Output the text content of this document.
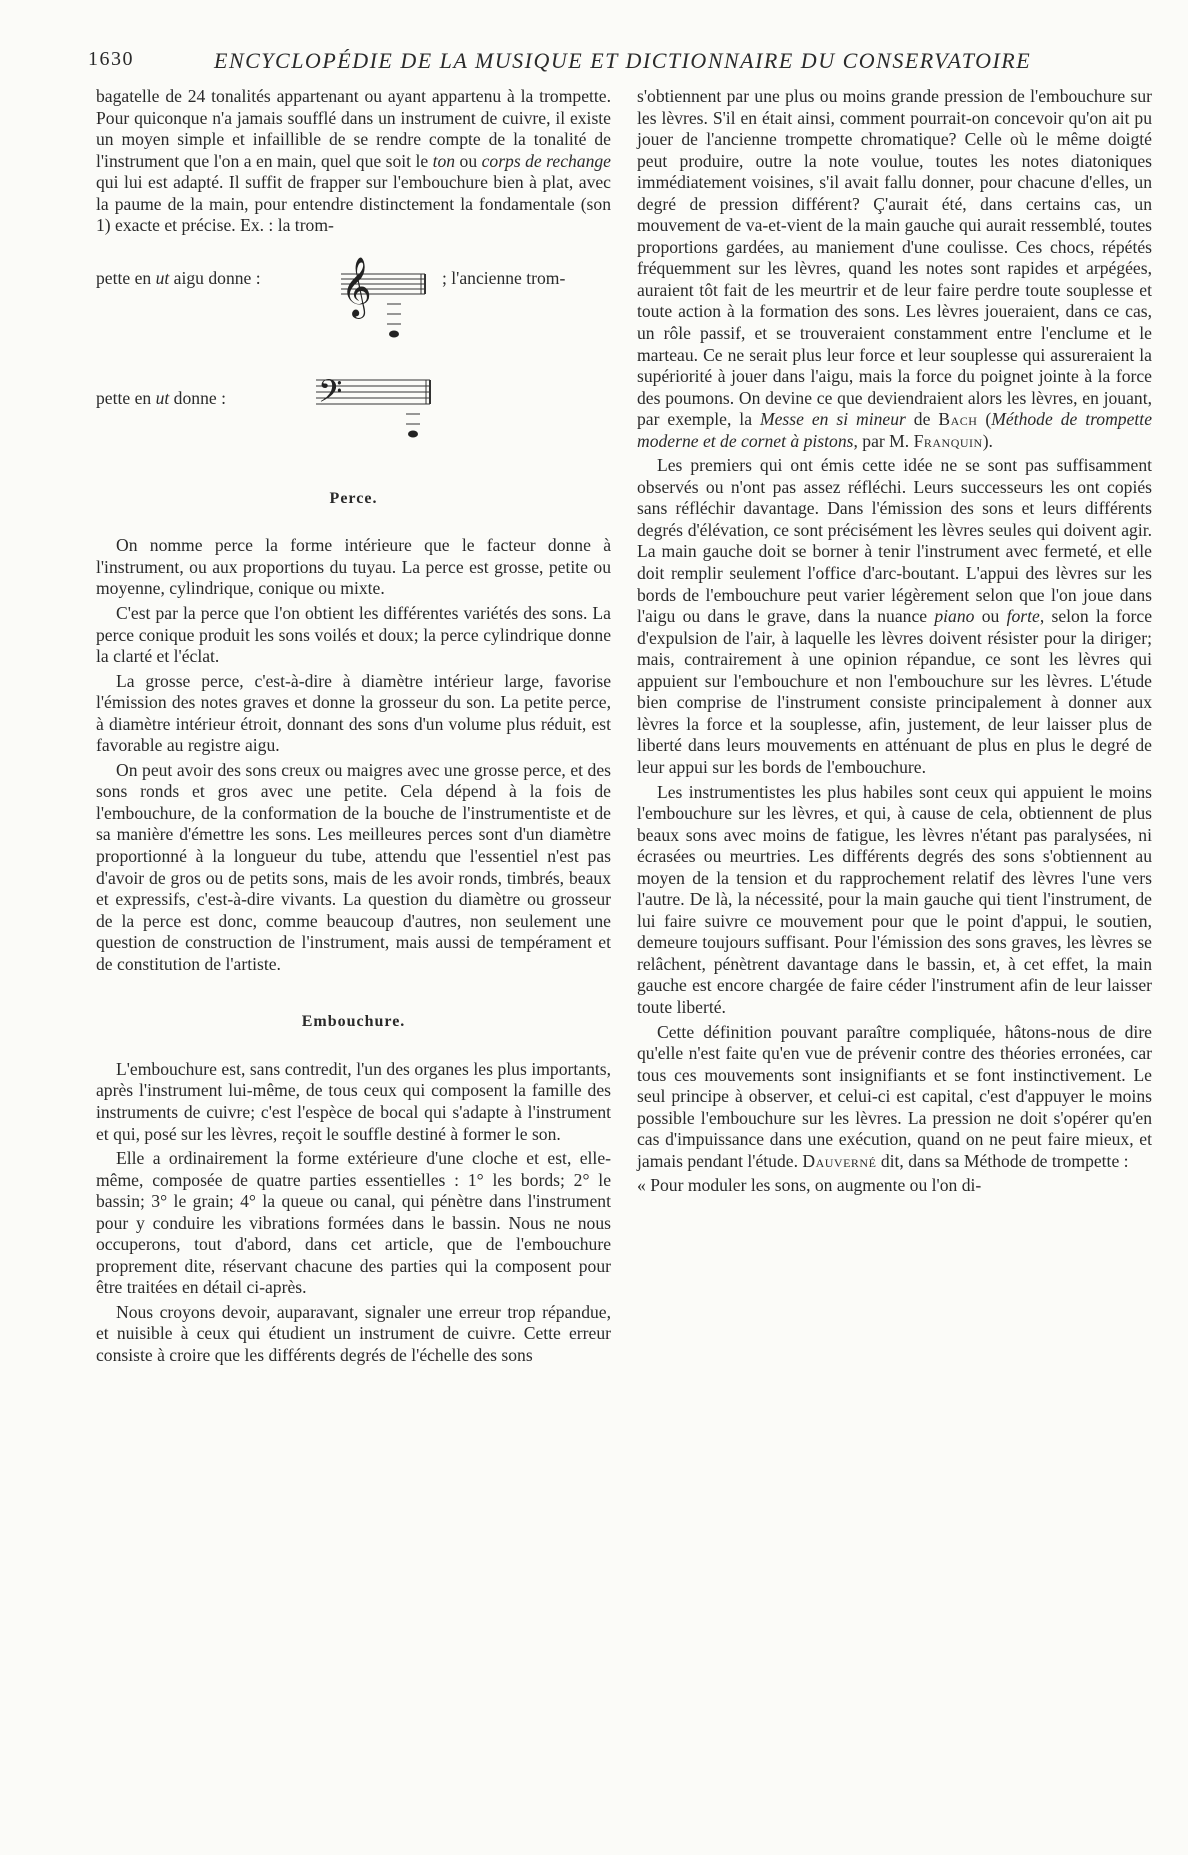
1630	ENCYCLOPÉDIE DE LA MUSIQUE ET DICTIONNAIRE DU CONSERVATOIRE

bagatelle de 24 tonalités appartenant ou ayant appartenu à la trompette. Pour quiconque n'a jamais soufflé dans un instrument de cuivre, il existe un moyen simple et infaillible de se rendre compte de la tonalité de l'instrument que l'on a en main, quel que soit le ton ou corps de rechange qui lui est adapté. Il suffit de frapper sur l'embouchure bien à plat, avec la paume de la main, pour entendre distinctement la fondamentale (son 1) exacte et précise. Ex. : la trom-

pette en ut aigu donne : 𝄞	; l'ancienne trom-
pette en ut donne : 𝄢
Perce.

On nomme perce la forme intérieure que le facteur donne à l'instrument, ou aux proportions du tuyau. La perce est grosse, petite ou moyenne, cylindrique, conique ou mixte.

C'est par la perce que l'on obtient les différentes variétés des sons. La perce conique produit les sons voilés et doux; la perce cylindrique donne la clarté et l'éclat.

La grosse perce, c'est-à-dire à diamètre intérieur large, favorise l'émission des notes graves et donne la grosseur du son. La petite perce, à diamètre intérieur étroit, donnant des sons d'un volume plus réduit, est favorable au registre aigu.

On peut avoir des sons creux ou maigres avec une grosse perce, et des sons ronds et gros avec une petite. Cela dépend à la fois de l'embouchure, de la conformation de la bouche de l'instrumentiste et de sa manière d'émettre les sons. Les meilleures perces sont d'un diamètre proportionné à la longueur du tube, attendu que l'essentiel n'est pas d'avoir de gros ou de petits sons, mais de les avoir ronds, timbrés, beaux et expressifs, c'est-à-dire vivants. La question du diamètre ou grosseur de la perce est donc, comme beaucoup d'autres, non seulement une question de construction de l'instrument, mais aussi de tempérament et de constitution de l'artiste.

Embouchure.

L'embouchure est, sans contredit, l'un des organes les plus importants, après l'instrument lui-même, de tous ceux qui composent la famille des instruments de cuivre; c'est l'espèce de bocal qui s'adapte à l'instrument et qui, posé sur les lèvres, reçoit le souffle destiné à former le son.

Elle a ordinairement la forme extérieure d'une cloche et est, elle-même, composée de quatre parties essentielles : 1° les bords; 2° le bassin; 3° le grain; 4° la queue ou canal, qui pénètre dans l'instrument pour y conduire les vibrations formées dans le bassin. Nous ne nous occuperons, tout d'abord, dans cet article, que de l'embouchure proprement dite, réservant chacune des parties qui la composent pour être traitées en détail ci-après.

Nous croyons devoir, auparavant, signaler une erreur trop répandue, et nuisible à ceux qui étudient un instrument de cuivre. Cette erreur consiste à croire que les différents degrés de l'échelle des sons

s'obtiennent par une plus ou moins grande pression de l'embouchure sur les lèvres. S'il en était ainsi, comment pourrait-on concevoir qu'on ait pu jouer de l'ancienne trompette chromatique? Celle où le même doigté peut produire, outre la note voulue, toutes les notes diatoniques immédiatement voisines, s'il avait fallu donner, pour chacune d'elles, un degré de pression différent? Ç'aurait été, dans certains cas, un mouvement de va-et-vient de la main gauche qui aurait ressemblé, toutes proportions gardées, au maniement d'une coulisse. Ces chocs, répétés fréquemment sur les lèvres, quand les notes sont rapides et arpégées, auraient tôt fait de les meurtrir et de leur faire perdre toute souplesse et toute action à la formation des sons. Les lèvres joueraient, dans ce cas, un rôle passif, et se trouveraient constamment entre l'enclume et le marteau. Ce ne serait plus leur force et leur souplesse qui assureraient la supériorité à jouer dans l'aigu, mais la force du poignet jointe à la force des poumons. On devine ce que deviendraient alors les lèvres, en jouant, par exemple, la Messe en si mineur de Bach (Méthode de trompette moderne et de cornet à pistons, par M. Franquin).

Les premiers qui ont émis cette idée ne se sont pas suffisamment observés ou n'ont pas assez réfléchi. Leurs successeurs les ont copiés sans réfléchir davantage. Dans l'émission des sons et leurs différents degrés d'élévation, ce sont précisément les lèvres seules qui doivent agir. La main gauche doit se borner à tenir l'instrument avec fermeté, et elle doit remplir seulement l'office d'arc-boutant. L'appui des lèvres sur les bords de l'embouchure peut varier légèrement selon que l'on joue dans l'aigu ou dans le grave, dans la nuance piano ou forte, selon la force d'expulsion de l'air, à laquelle les lèvres doivent résister pour la diriger; mais, contrairement à une opinion répandue, ce sont les lèvres qui appuient sur l'embouchure et non l'embouchure sur les lèvres. L'étude bien comprise de l'instrument consiste principalement à donner aux lèvres la force et la souplesse, afin, justement, de leur laisser plus de liberté dans leurs mouvements en atténuant de plus en plus le degré de leur appui sur les bords de l'embouchure.

Les instrumentistes les plus habiles sont ceux qui appuient le moins l'embouchure sur les lèvres, et qui, à cause de cela, obtiennent de plus beaux sons avec moins de fatigue, les lèvres n'étant pas paralysées, ni écrasées ou meurtries. Les différents degrés des sons s'obtiennent au moyen de la tension et du rapprochement relatif des lèvres l'une vers l'autre. De là, la nécessité, pour la main gauche qui tient l'instrument, de lui faire suivre ce mouvement pour que le point d'appui, le soutien, demeure toujours suffisant. Pour l'émission des sons graves, les lèvres se relâchent, pénètrent davantage dans le bassin, et, à cet effet, la main gauche est encore chargée de faire céder l'instrument afin de leur laisser toute liberté.

Cette définition pouvant paraître compliquée, hâtons-nous de dire qu'elle n'est faite qu'en vue de prévenir contre des théories erronées, car tous ces mouvements sont insignifiants et se font instinctivement. Le seul principe à observer, et celui-ci est capital, c'est d'appuyer le moins possible l'embouchure sur les lèvres. La pression ne doit s'opérer qu'en cas d'impuissance dans une exécution, quand on ne peut faire mieux, et jamais pendant l'étude. Dauverné dit, dans sa Méthode de trompette :

« Pour moduler les sons, on augmente ou l'on di-
